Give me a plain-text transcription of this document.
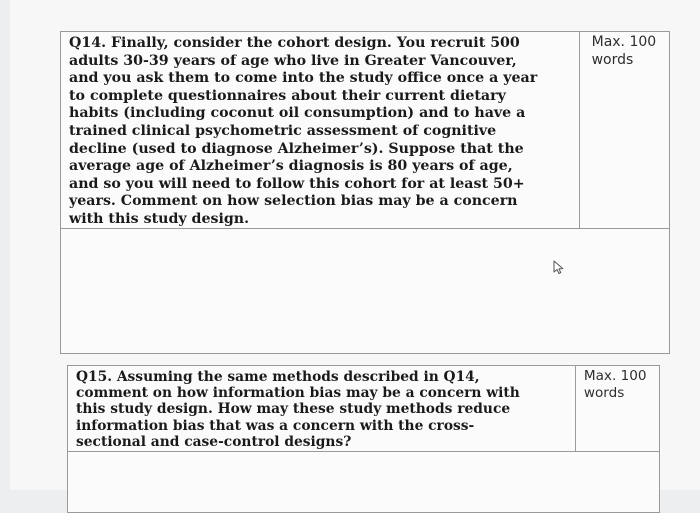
Q14. Finally, consider the cohort design. You recruit 500
adults 30-39 years of age who live in Greater Vancouver,
and you ask them to come into the study office once a year
to complete questionnaires about their current dietary
habits (including coconut oil consumption) and to have a
trained clinical psychometric assessment of cognitive
decline (used to diagnose Alzheimer’s). Suppose that the
average age of Alzheimer’s diagnosis is 80 years of age,
and so you will need to follow this cohort for at least 50+
years. Comment on how selection bias may be a concern
with this study design.

Max. 100
words

Q15. Assuming the same methods described in Q14,
comment on how information bias may be a concern with
this study design. How may these study methods reduce
information bias that was a concern with the cross-
sectional and case-control designs?

Max. 100
words
